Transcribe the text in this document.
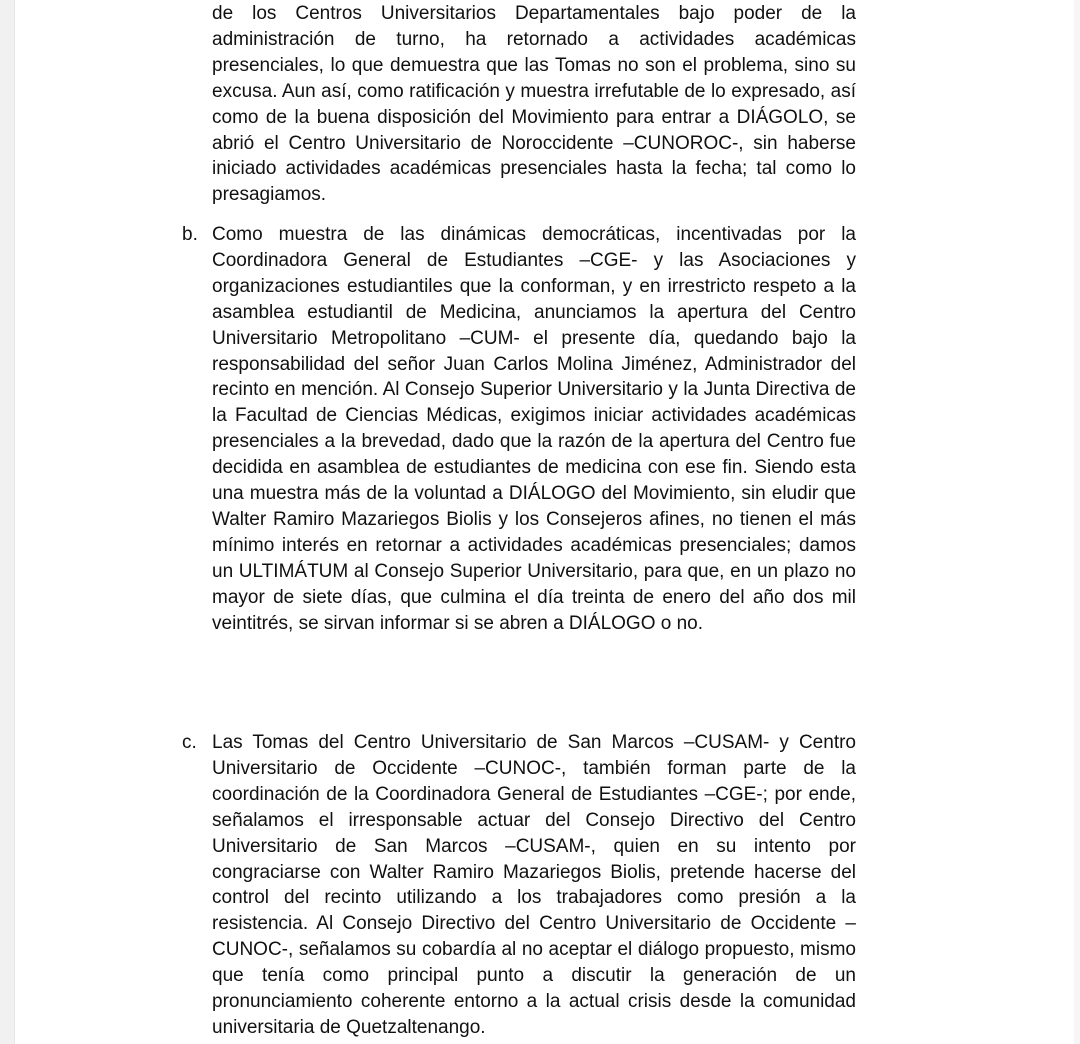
de los Centros Universitarios Departamentales bajo poder de la administración de turno, ha retornado a actividades académicas presenciales, lo que demuestra que las Tomas no son el problema, sino su excusa. Aun así, como ratificación y muestra irrefutable de lo expresado, así como de la buena disposición del Movimiento para entrar a DIÁGOLO, se abrió el Centro Universitario de Noroccidente –CUNOROC-, sin haberse iniciado actividades académicas presenciales hasta la fecha; tal como lo presagiamos.

b. Como muestra de las dinámicas democráticas, incentivadas por la Coordinadora General de Estudiantes –CGE- y las Asociaciones y organizaciones estudiantiles que la conforman, y en irrestricto respeto a la asamblea estudiantil de Medicina, anunciamos la apertura del Centro Universitario Metropolitano –CUM- el presente día, quedando bajo la responsabilidad del señor Juan Carlos Molina Jiménez, Administrador del recinto en mención. Al Consejo Superior Universitario y la Junta Directiva de la Facultad de Ciencias Médicas, exigimos iniciar actividades académicas presenciales a la brevedad, dado que la razón de la apertura del Centro fue decidida en asamblea de estudiantes de medicina con ese fin. Siendo esta una muestra más de la voluntad a DIÁLOGO del Movimiento, sin eludir que Walter Ramiro Mazariegos Biolis y los Consejeros afines, no tienen el más mínimo interés en retornar a actividades académicas presenciales; damos un ULTIMÁTUM al Consejo Superior Universitario, para que, en un plazo no mayor de siete días, que culmina el día treinta de enero del año dos mil veintitrés, se sirvan informar si se abren a DIÁLOGO o no.

c. Las Tomas del Centro Universitario de San Marcos –CUSAM- y Centro Universitario de Occidente –CUNOC-, también forman parte de la coordinación de la Coordinadora General de Estudiantes –CGE-; por ende, señalamos el irresponsable actuar del Consejo Directivo del Centro Universitario de San Marcos –CUSAM-, quien en su intento por congraciarse con Walter Ramiro Mazariegos Biolis, pretende hacerse del control del recinto utilizando a los trabajadores como presión a la resistencia. Al Consejo Directivo del Centro Universitario de Occidente –CUNOC-, señalamos su cobardía al no aceptar el diálogo propuesto, mismo que tenía como principal punto a discutir la generación de un pronunciamiento coherente entorno a la actual crisis desde la comunidad universitaria de Quetzaltenango.
